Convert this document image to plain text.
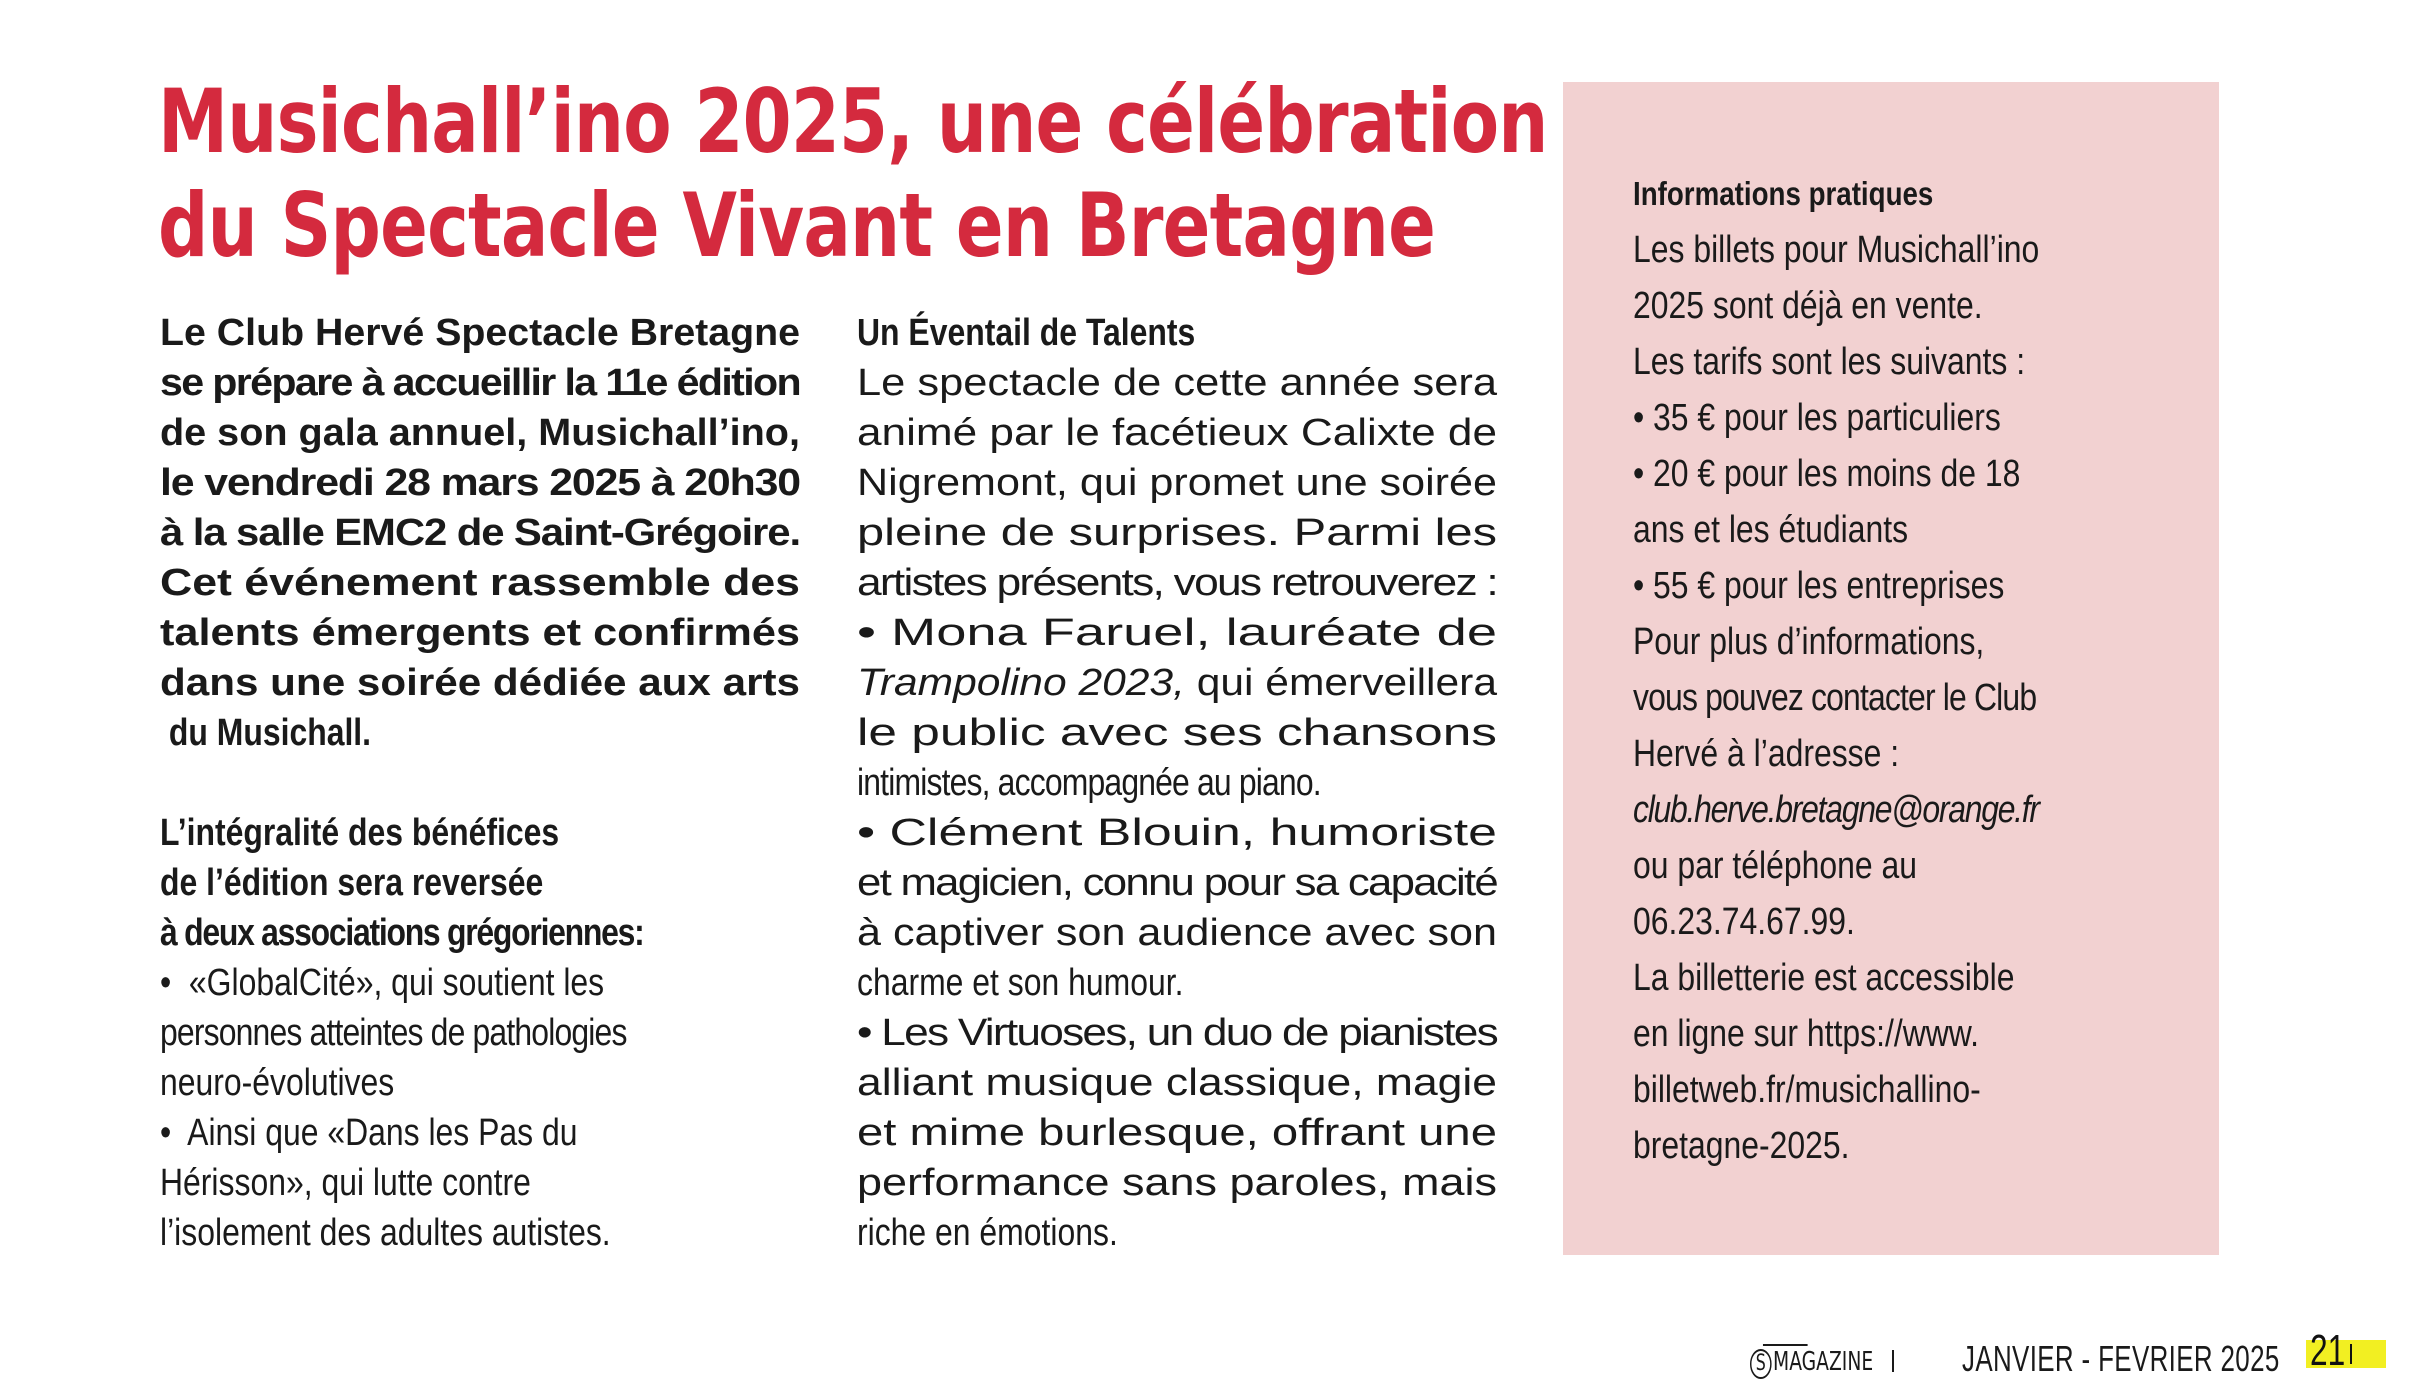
Musichall’ino 2025, une célébration
du Spectacle Vivant en Bretagne
Le Club Hervé Spectacle Bretagne
se prépare à accueillir la 11e édition
de son gala annuel, Musichall’ino,
le vendredi 28 mars 2025 à 20h30
à la salle EMC2 de Saint-Grégoire.
Cet événement rassemble des
talents émergents et confirmés
dans une soirée dédiée aux arts
du Musichall.
L’intégralité des bénéfices
de l’édition sera reversée
à deux associations grégoriennes:
•  «GlobalCité», qui soutient les
personnes atteintes de pathologies
neuro-évolutives
•  Ainsi que «Dans les Pas du
Hérisson», qui lutte contre
l’isolement des adultes autistes.
Un Éventail de Talents
Le spectacle de cette année sera
animé par le facétieux Calixte de
Nigremont, qui promet une soirée
pleine de surprises. Parmi les
artistes présents, vous retrouverez :
• Mona Faruel, lauréate de
Trampolino 2023, qui émerveillera
le public avec ses chansons
intimistes, accompagnée au piano.
• Clément Blouin, humoriste
et magicien, connu pour sa capacité
à captiver son audience avec son
charme et son humour.
• Les Virtuoses, un duo de pianistes
alliant musique classique, magie
et mime burlesque, offrant une
performance sans paroles, mais
riche en émotions.
Informations pratiques
Les billets pour Musichall’ino
2025 sont déjà en vente.
Les tarifs sont les suivants :
• 35 € pour les particuliers
• 20 € pour les moins de 18
ans et les étudiants
• 55 € pour les entreprises
Pour plus d’informations,
vous pouvez contacter le Club
Hervé à l’adresse :
club.herve.bretagne@orange.fr
ou par téléphone au
06.23.74.67.99.
La billetterie est accessible
en ligne sur https://www.
billetweb.fr/musichallino-
bretagne-2025.
S MAGAZINE JANVIER - FEVRIER 2025 21
